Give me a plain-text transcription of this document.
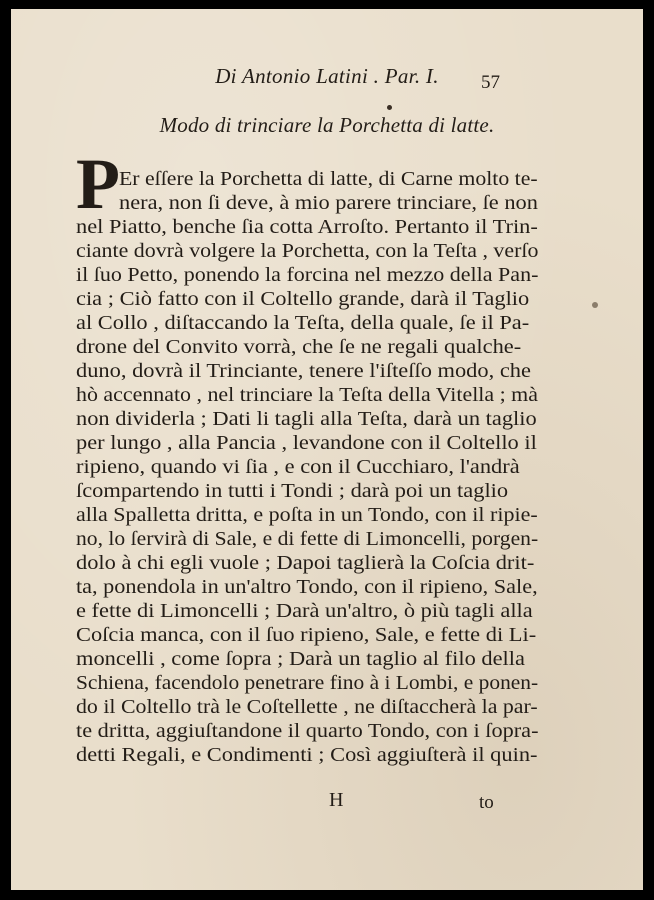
Di Antonio Latini . Par. I.	57
Modo di trinciare la Porchetta di latte.
P Er eſſere la Porchetta di latte, di Carne molto te-
nera, non ſi deve, à mio parere trinciare, ſe non
nel Piatto, benche ſia cotta Arroſto. Pertanto il Trin-
ciante dovrà volgere la Porchetta, con la Teſta , verſo
il ſuo Petto, ponendo la forcina nel mezzo della Pan-
cia ; Ciò fatto con il Coltello grande, darà il Taglio
al Collo , diſtaccando la Teſta, della quale, ſe il Pa-
drone del Convito vorrà, che ſe ne regali qualche-
duno, dovrà il Trinciante, tenere l'iſteſſo modo, che
hò accennato , nel trinciare la Teſta della Vitella ; mà
non dividerla ; Dati li tagli alla Teſta, darà un taglio
per lungo , alla Pancia , levandone con il Coltello il
ripieno, quando vi ſia , e con il Cucchiaro, l'andrà
ſcompartendo in tutti i Tondi ; darà poi un taglio
alla Spalletta dritta, e poſta in un Tondo, con il ripie-
no, lo ſervirà di Sale, e di fette di Limoncelli, porgen-
dolo à chi egli vuole ; Dapoi taglierà la Coſcia drit-
ta, ponendola in un'altro Tondo, con il ripieno, Sale,
e fette di Limoncelli ; Darà un'altro, ò più tagli alla
Coſcia manca, con il ſuo ripieno, Sale, e fette di Li-
moncelli , come ſopra ; Darà un taglio al filo della
Schiena, facendolo penetrare fino à i Lombi, e ponen-
do il Coltello trà le Coſtellette , ne diſtaccherà la par-
te dritta, aggiuſtandone il quarto Tondo, con i ſopra-
detti Regali, e Condimenti ; Così aggiuſterà il quin-
H	to
